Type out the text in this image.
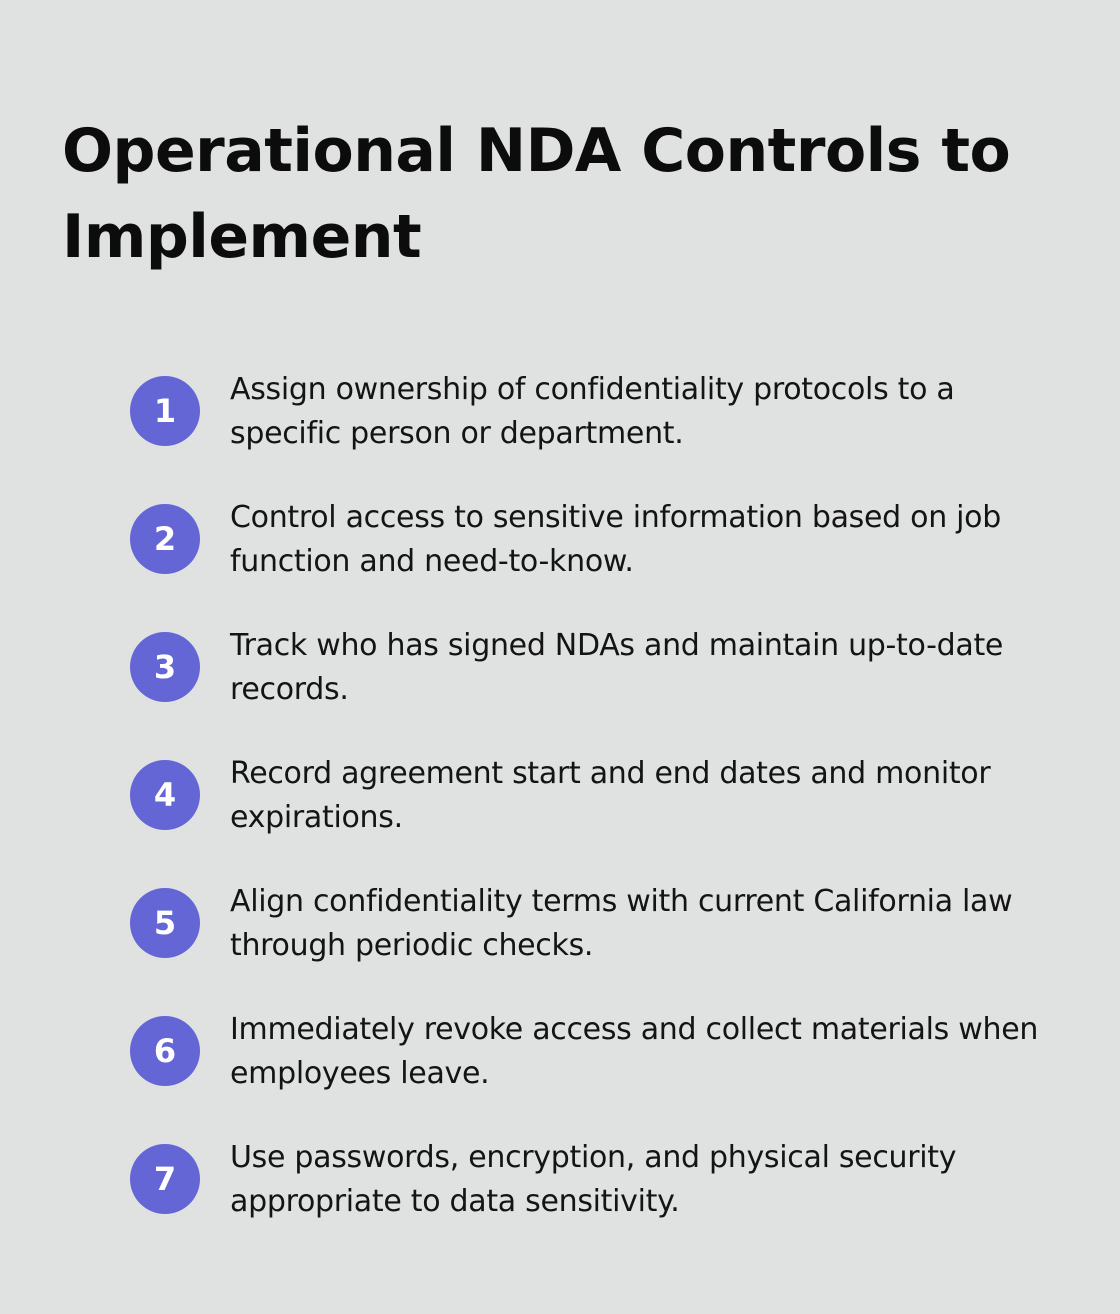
Operational NDA Controls to Implement
1
Assign ownership of confidentiality protocols to a specific person or department.
2
Control access to sensitive information based on job function and need-to-know.
3
Track who has signed NDAs and maintain up-to-date records.
4
Record agreement start and end dates and monitor expirations.
5
Align confidentiality terms with current California law through periodic checks.
6
Immediately revoke access and collect materials when employees leave.
7
Use passwords, encryption, and physical security appropriate to data sensitivity.
